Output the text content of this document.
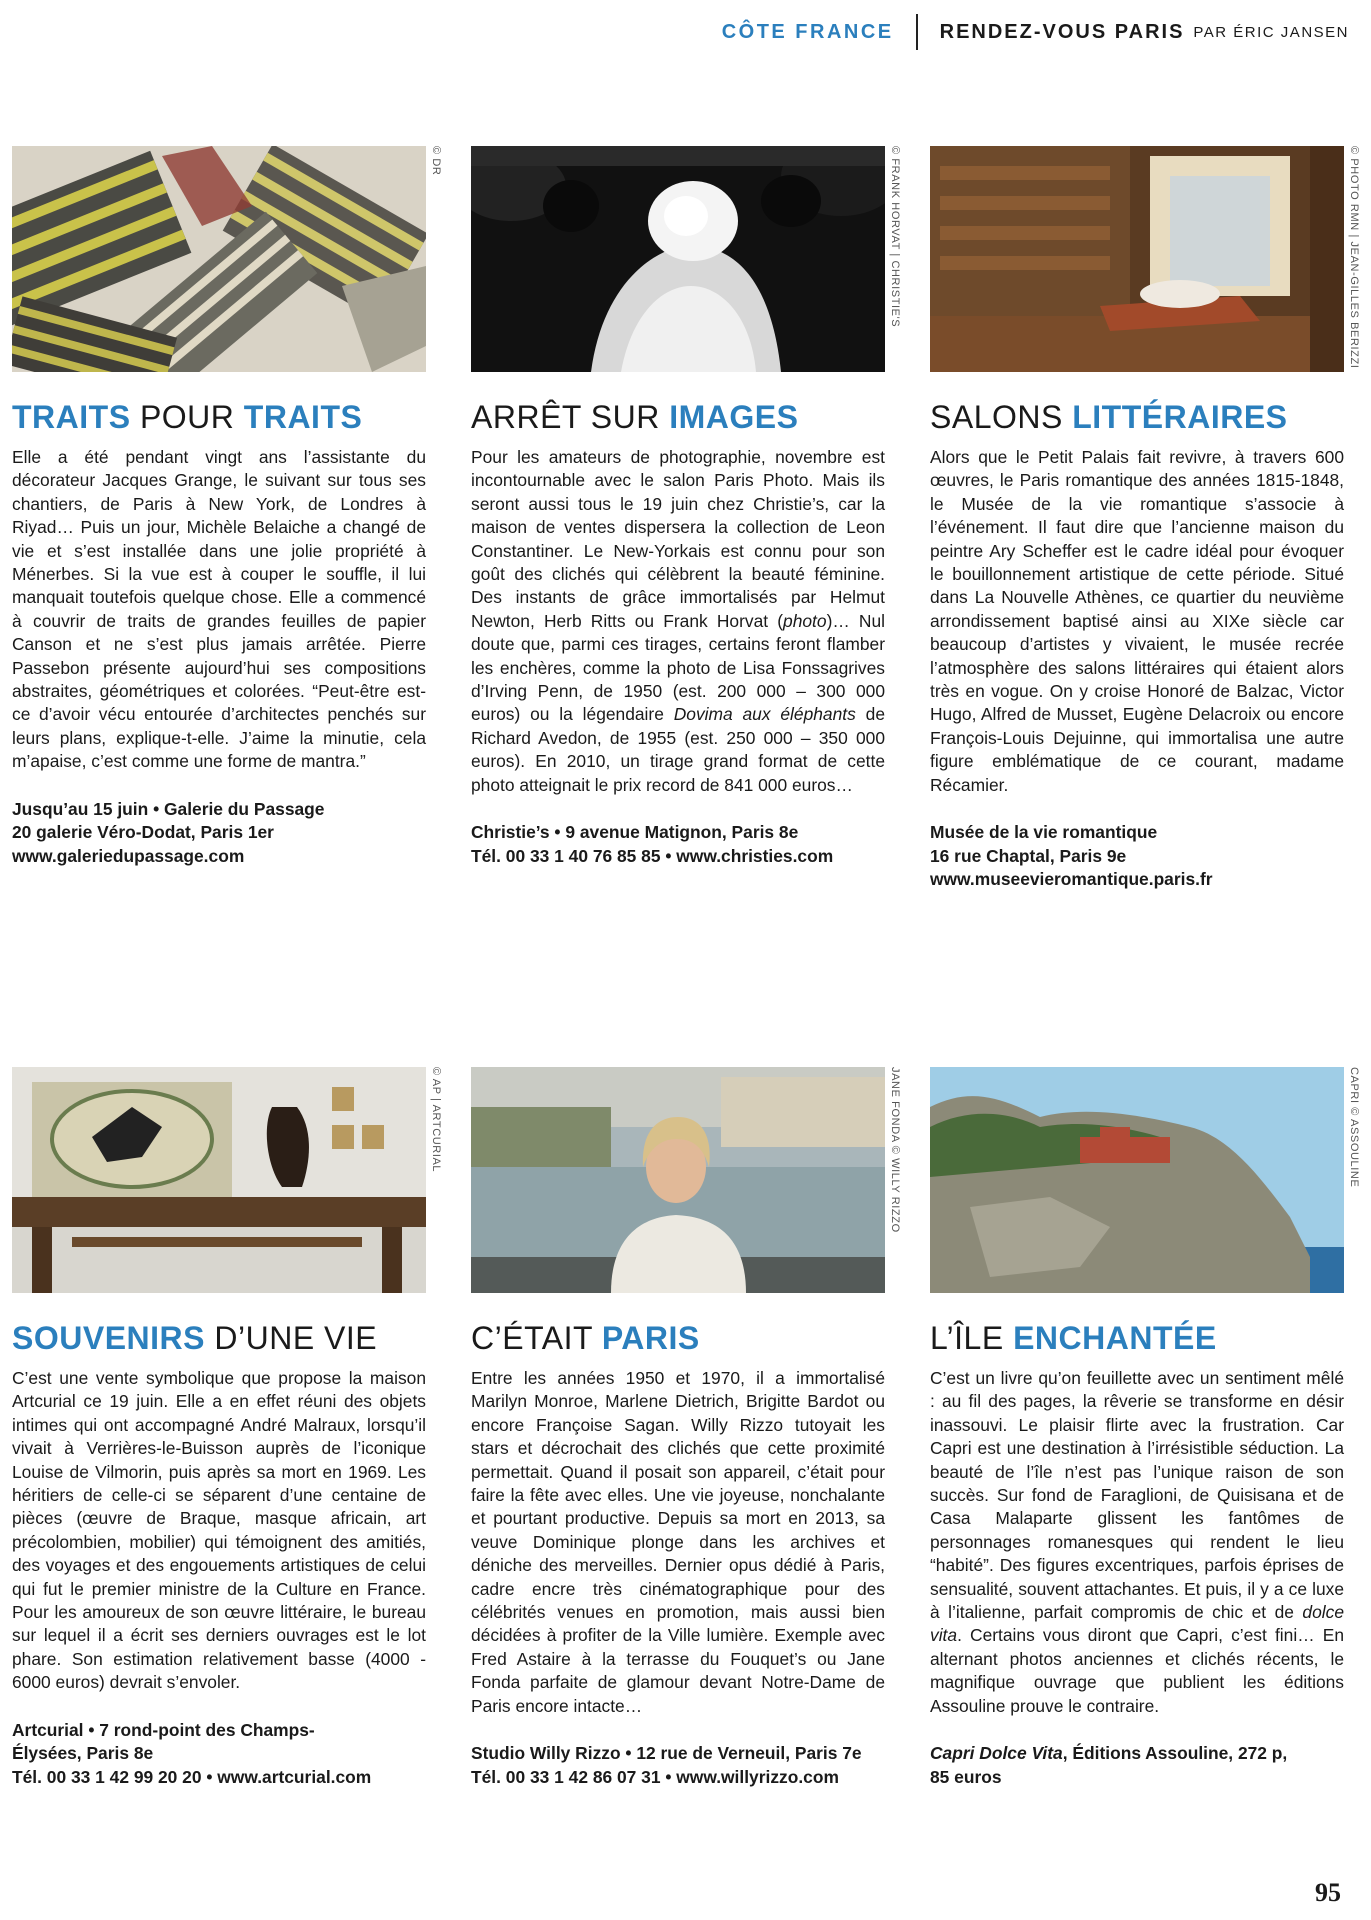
CÔTE FRANCE RENDEZ-VOUS PARIS PAR ÉRIC JANSEN
© DR
TRAITS POUR TRAITS

Elle a été pendant vingt ans l’assistante du décorateur Jacques Grange, le suivant sur tous ses chantiers, de Paris à New York, de Londres à Riyad… Puis un jour, Michèle Belaiche a changé de vie et s’est installée dans une jolie propriété à Ménerbes. Si la vue est à couper le souffle, il lui manquait toutefois quelque chose. Elle a commencé à couvrir de traits de grandes feuilles de papier Canson et ne s’est plus jamais arrêtée. Pierre Passebon présente aujourd’hui ses compositions abstraites, géométriques et colorées. “Peut-être est-ce d’avoir vécu entourée d’architectes penchés sur leurs plans, explique-t-elle. J’aime la minutie, cela m’apaise, c’est comme une forme de mantra.”

Jusqu’au 15 juin • Galerie du Passage
20 galerie Véro-Dodat, Paris 1er
www.galeriedupassage.com
© FRANK HORVAT | CHRISTIE'S
ARRÊT SUR IMAGES

Pour les amateurs de photographie, novembre est incontournable avec le salon Paris Photo. Mais ils seront aussi tous le 19 juin chez Christie’s, car la maison de ventes dispersera la collection de Leon Constantiner. Le New-Yorkais est connu pour son goût des clichés qui célèbrent la beauté féminine. Des instants de grâce immortalisés par Helmut Newton, Herb Ritts ou Frank Horvat (photo)… Nul doute que, parmi ces tirages, certains feront flamber les enchères, comme la photo de Lisa Fonssagrives d’Irving Penn, de 1950 (est. 200 000 – 300 000 euros) ou la légendaire Dovima aux éléphants de Richard Avedon, de 1955 (est. 250 000 – 350 000 euros). En 2010, un tirage grand format de cette photo atteignait le prix record de 841 000 euros…

Christie’s • 9 avenue Matignon, Paris 8e
Tél. 00 33 1 40 76 85 85 • www.christies.com
© PHOTO RMN | JEAN-GILLES BERIZZI
SALONS LITTÉRAIRES

Alors que le Petit Palais fait revivre, à travers 600 œuvres, le Paris romantique des années 1815-1848, le Musée de la vie romantique s’associe à l’événement. Il faut dire que l’ancienne maison du peintre Ary Scheffer est le cadre idéal pour évoquer le bouillonnement artistique de cette période. Situé dans La Nouvelle Athènes, ce quartier du neuvième arrondissement baptisé ainsi au XIXe siècle car beaucoup d’artistes y vivaient, le musée recrée l’atmosphère des salons littéraires qui étaient alors très en vogue. On y croise Honoré de Balzac, Victor Hugo, Alfred de Musset, Eugène Delacroix ou encore François-Louis Dejuinne, qui immortalisa une autre figure emblématique de ce courant, madame Récamier.

Musée de la vie romantique
16 rue Chaptal, Paris 9e
www.museevieromantique.paris.fr
© AP | ARTCURIAL
SOUVENIRS D’UNE VIE

C’est une vente symbolique que propose la maison Artcurial ce 19 juin. Elle a en effet réuni des objets intimes qui ont accompagné André Malraux, lorsqu’il vivait à Verrières-le-Buisson auprès de l’iconique Louise de Vilmorin, puis après sa mort en 1969. Les héritiers de celle-ci se séparent d’une centaine de pièces (œuvre de Braque, masque africain, art précolombien, mobilier) qui témoignent des amitiés, des voyages et des engouements artistiques de celui qui fut le premier ministre de la Culture en France. Pour les amoureux de son œuvre littéraire, le bureau sur lequel il a écrit ses derniers ouvrages est le lot phare. Son estimation relativement basse (4000 - 6000 euros) devrait s’envoler.

Artcurial • 7 rond-point des Champs-
Élysées, Paris 8e
Tél. 00 33 1 42 99 20 20 • www.artcurial.com
JANE FONDA © WILLY RIZZO
C’ÉTAIT PARIS

Entre les années 1950 et 1970, il a immortalisé Marilyn Monroe, Marlene Dietrich, Brigitte Bardot ou encore Françoise Sagan. Willy Rizzo tutoyait les stars et décrochait des clichés que cette proximité permettait. Quand il posait son appareil, c’était pour faire la fête avec elles. Une vie joyeuse, nonchalante et pourtant productive. Depuis sa mort en 2013, sa veuve Dominique plonge dans les archives et déniche des merveilles. Dernier opus dédié à Paris, cadre encre très cinématographique pour des célébrités venues en promotion, mais aussi bien décidées à profiter de la Ville lumière. Exemple avec Fred Astaire à la terrasse du Fouquet’s ou Jane Fonda parfaite de glamour devant Notre-Dame de Paris encore intacte…

Studio Willy Rizzo • 12 rue de Verneuil, Paris 7e
Tél. 00 33 1 42 86 07 31 • www.willyrizzo.com
CAPRI © ASSOULINE
L’ÎLE ENCHANTÉE

C’est un livre qu’on feuillette avec un sentiment mêlé : au fil des pages, la rêverie se transforme en désir inassouvi. Le plaisir flirte avec la frustration. Car Capri est une destination à l’irrésistible séduction. La beauté de l’île n’est pas l’unique raison de son succès. Sur fond de Faraglioni, de Quisisana et de Casa Malaparte glissent les fantômes de personnages romanesques qui rendent le lieu “habité”. Des figures excentriques, parfois éprises de sensualité, souvent attachantes. Et puis, il y a ce luxe à l’italienne, parfait compromis de chic et de dolce vita. Certains vous diront que Capri, c’est fini… En alternant photos anciennes et clichés récents, le magnifique ouvrage que publient les éditions Assouline prouve le contraire.

Capri Dolce Vita, Éditions Assouline, 272 p,
85 euros
95
